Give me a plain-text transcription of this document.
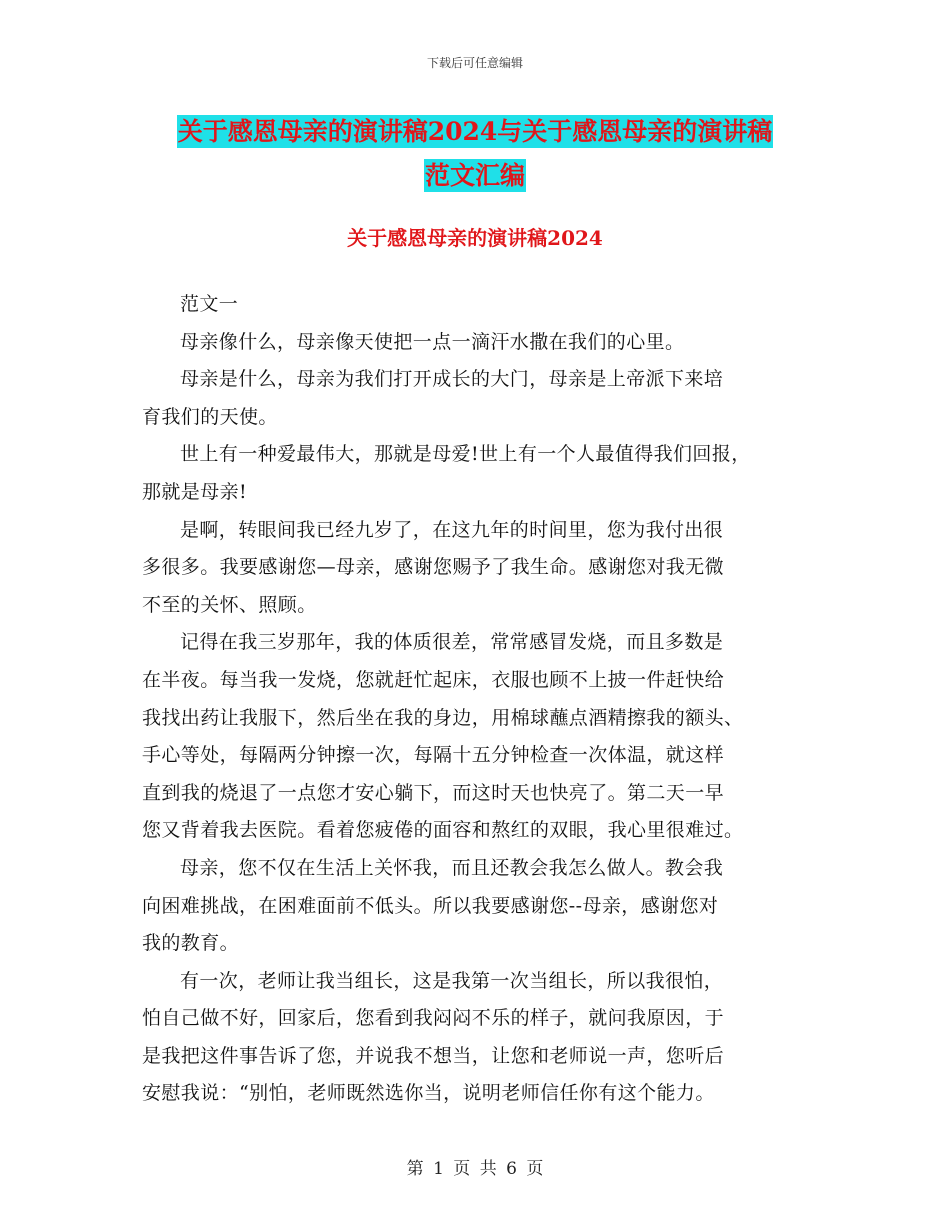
下载后可任意编辑
关于感恩母亲的演讲稿2024与关于感恩母亲的演讲稿
范文汇编
关于感恩母亲的演讲稿2024

范文一

母亲像什么，母亲像天使把一点一滴汗水撒在我们的心里。

母亲是什么，母亲为我们打开成长的大门，母亲是上帝派下来培
育我们的天使。

世上有一种爱最伟大，那就是母爱!世上有一个人最值得我们回报，
那就是母亲!

是啊，转眼间我已经九岁了，在这九年的时间里，您为我付出很
多很多。我要感谢您—母亲，感谢您赐予了我生命。感谢您对我无微
不至的关怀、照顾。

记得在我三岁那年，我的体质很差，常常感冒发烧，而且多数是
在半夜。每当我一发烧，您就赶忙起床，衣服也顾不上披一件赶快给
我找出药让我服下，然后坐在我的身边，用棉球蘸点酒精擦我的额头、
手心等处，每隔两分钟擦一次，每隔十五分钟检查一次体温，就这样
直到我的烧退了一点您才安心躺下，而这时天也快亮了。第二天一早
您又背着我去医院。看着您疲倦的面容和熬红的双眼，我心里很难过。

母亲，您不仅在生活上关怀我，而且还教会我怎么做人。教会我
向困难挑战，在困难面前不低头。所以我要感谢您--母亲，感谢您对
我的教育。

有一次，老师让我当组长，这是我第一次当组长，所以我很怕，
怕自己做不好，回家后，您看到我闷闷不乐的样子，就问我原因，于
是我把这件事告诉了您，并说我不想当，让您和老师说一声，您听后
安慰我说：“别怕，老师既然选你当，说明老师信任你有这个能力。

第 1 页 共 6 页
